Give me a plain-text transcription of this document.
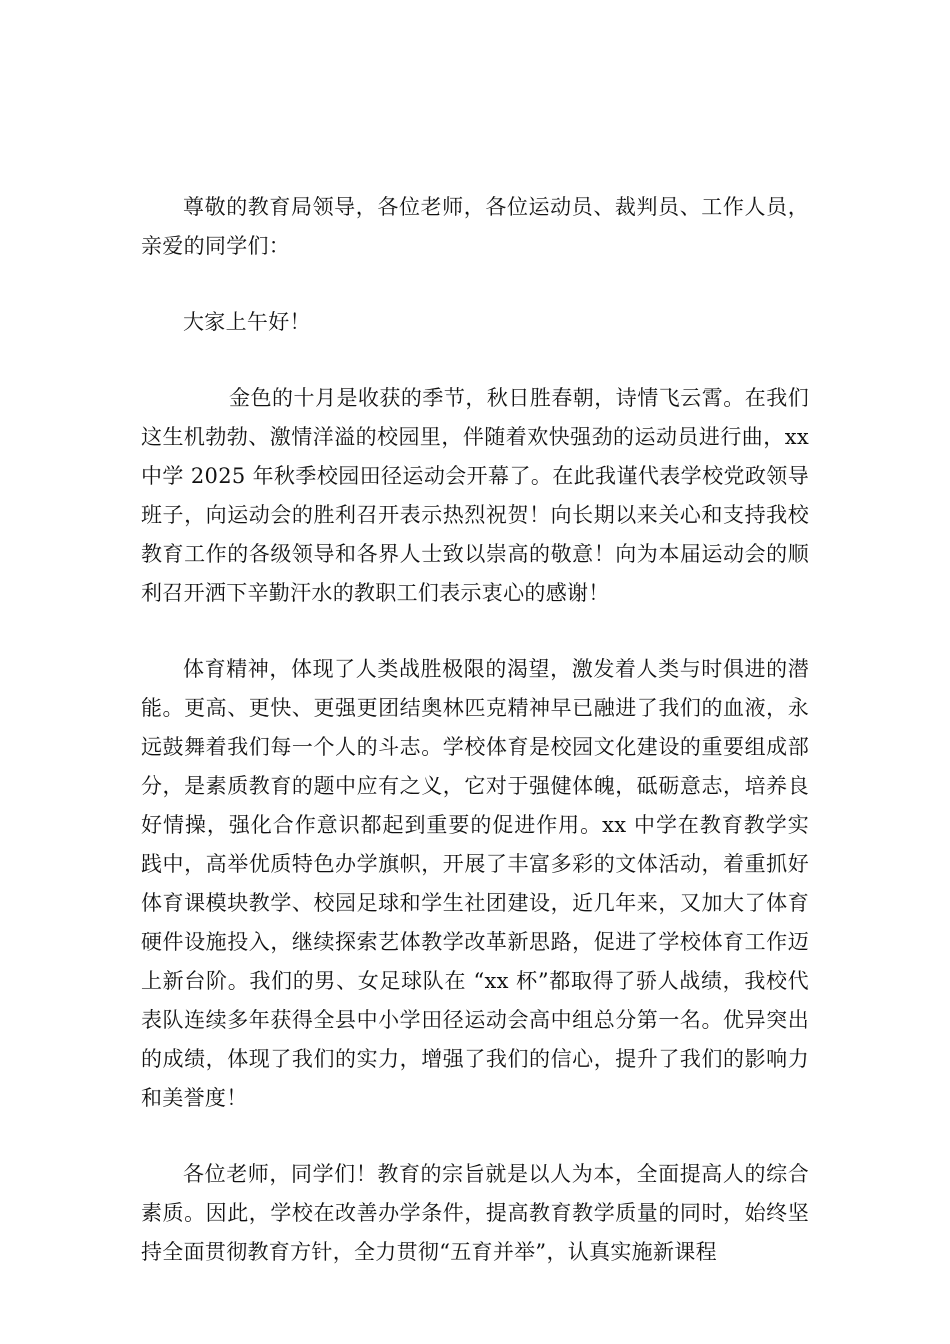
尊敬的教育局领导，各位老师，各位运动员、裁判员、工作人员，亲爱的同学们：

大家上午好！

金色的十月是收获的季节，秋日胜春朝，诗情飞云霄。在我们这生机勃勃、激情洋溢的校园里，伴随着欢快强劲的运动员进行曲，xx 中学 2025 年秋季校园田径运动会开幕了。在此我谨代表学校党政领导班子，向运动会的胜利召开表示热烈祝贺！向长期以来关心和支持我校教育工作的各级领导和各界人士致以崇高的敬意！向为本届运动会的顺利召开洒下辛勤汗水的教职工们表示衷心的感谢！

体育精神，体现了人类战胜极限的渴望，激发着人类与时俱进的潜能。更高、更快、更强更团结奥林匹克精神早已融进了我们的血液，永远鼓舞着我们每一个人的斗志。学校体育是校园文化建设的重要组成部分，是素质教育的题中应有之义，它对于强健体魄，砥砺意志，培养良好情操，强化合作意识都起到重要的促进作用。xx 中学在教育教学实践中，高举优质特色办学旗帜，开展了丰富多彩的文体活动，着重抓好体育课模块教学、校园足球和学生社团建设，近几年来，又加大了体育硬件设施投入，继续探索艺体教学改革新思路，促进了学校体育工作迈上新台阶。我们的男、女足球队在 “xx 杯”都取得了骄人战绩，我校代表队连续多年获得全县中小学田径运动会高中组总分第一名。优异突出的成绩，体现了我们的实力，增强了我们的信心，提升了我们的影响力和美誉度！

各位老师，同学们！教育的宗旨就是以人为本，全面提高人的综合素质。因此，学校在改善办学条件，提高教育教学质量的同时，始终坚持全面贯彻教育方针，全力贯彻“五育并举”，认真实施新课程
